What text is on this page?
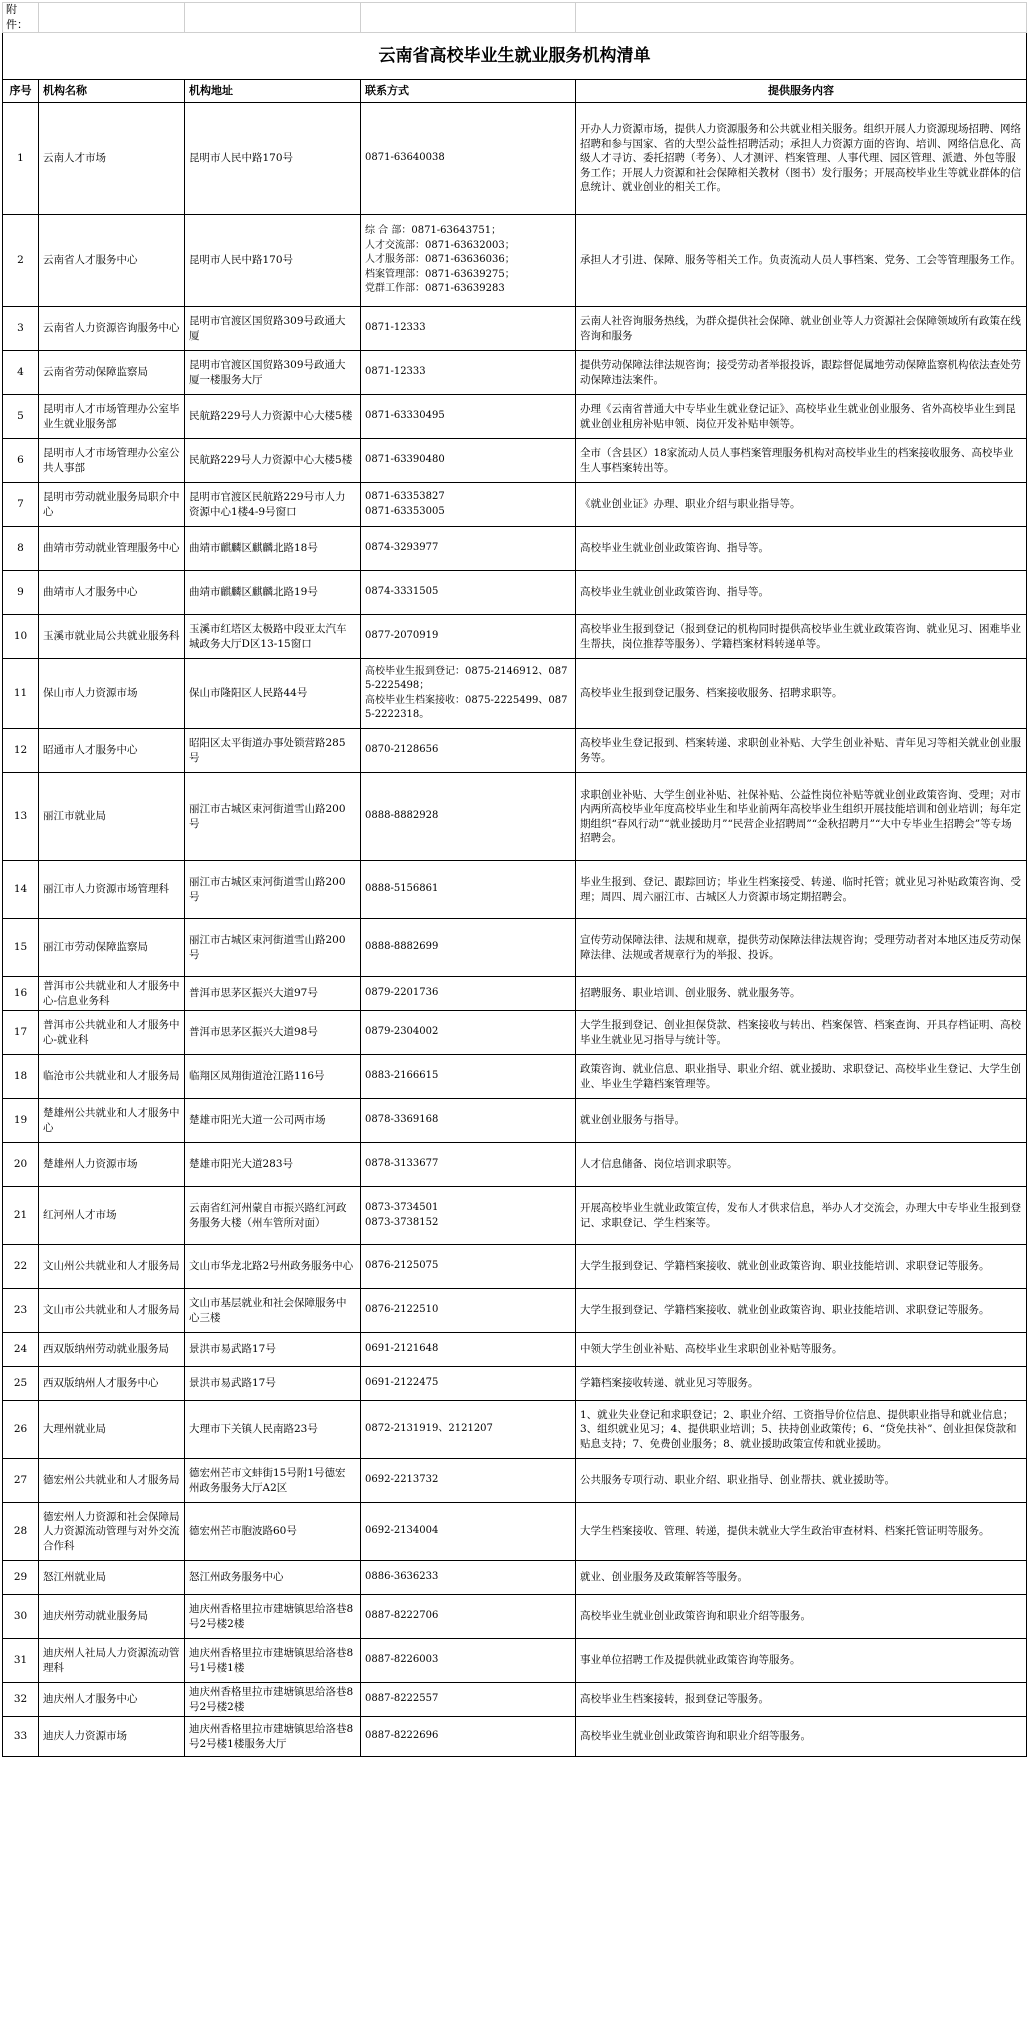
附件：				
云南省高校毕业生就业服务机构清单				
序号	机构名称	机构地址	联系方式	提供服务内容
1	云南人才市场	昆明市人民中路170号	0871-63640038	开办人力资源市场，提供人力资源服务和公共就业相关服务。组织开展人力资源现场招聘、网络招聘和参与国家、省的大型公益性招聘活动；承担人力资源方面的咨询、培训、网络信息化、高级人才寻访、委托招聘（考务）、人才测评、档案管理、人事代理、园区管理、派遣、外包等服务工作；开展人力资源和社会保障相关教材（图书）发行服务；开展高校毕业生等就业群体的信息统计、就业创业的相关工作。
2	云南省人才服务中心	昆明市人民中路170号	综 合 部：0871-63643751；
人才交流部：0871-63632003；
人才服务部：0871-63636036；
档案管理部：0871-63639275；
党群工作部：0871-63639283	承担人才引进、保障、服务等相关工作。负责流动人员人事档案、党务、工会等管理服务工作。
3	云南省人力资源咨询服务中心	昆明市官渡区国贸路309号政通大厦	0871-12333	云南人社咨询服务热线，为群众提供社会保障、就业创业等人力资源社会保障领域所有政策在线咨询和服务
4	云南省劳动保障监察局	昆明市官渡区国贸路309号政通大厦一楼服务大厅	0871-12333	提供劳动保障法律法规咨询；接受劳动者举报投诉，跟踪督促属地劳动保障监察机构依法查处劳动保障违法案件。
5	昆明市人才市场管理办公室毕业生就业服务部	民航路229号人力资源中心大楼5楼	0871-63330495	办理《云南省普通大中专毕业生就业登记证》、高校毕业生就业创业服务、省外高校毕业生到昆就业创业租房补贴申领、岗位开发补贴申领等。
6	昆明市人才市场管理办公室公共人事部	民航路229号人力资源中心大楼5楼	0871-63390480	全市（含县区）18家流动人员人事档案管理服务机构对高校毕业生的档案接收服务、高校毕业生人事档案转出等。
7	昆明市劳动就业服务局职介中心	昆明市官渡区民航路229号市人力资源中心1楼4-9号窗口	0871-63353827
0871-63353005	《就业创业证》办理、职业介绍与职业指导等。
8	曲靖市劳动就业管理服务中心	曲靖市麒麟区麒麟北路18号	0874-3293977	高校毕业生就业创业政策咨询、指导等。
9	曲靖市人才服务中心	曲靖市麒麟区麒麟北路19号	0874-3331505	高校毕业生就业创业政策咨询、指导等。
10	玉溪市就业局公共就业服务科	玉溪市红塔区太极路中段亚太汽车城政务大厅D区13-15窗口	0877-2070919	高校毕业生报到登记（报到登记的机构同时提供高校毕业生就业政策咨询、就业见习、困难毕业生帮扶，岗位推荐等服务）、学籍档案材料转递单等。
11	保山市人力资源市场	保山市隆阳区人民路44号	高校毕业生报到登记：0875-2146912、0875-2225498；
高校毕业生档案接收：0875-2225499、0875-2222318。	高校毕业生报到登记服务、档案接收服务、招聘求职等。
12	昭通市人才服务中心	昭阳区太平街道办事处锁营路285号	0870-2128656	高校毕业生登记报到、档案转递、求职创业补贴、大学生创业补贴、青年见习等相关就业创业服务等。
13	丽江市就业局	丽江市古城区束河街道雪山路200号	0888-8882928	求职创业补贴、大学生创业补贴、社保补贴、公益性岗位补贴等就业创业政策咨询、受理；对市内两所高校毕业年度高校毕业生和毕业前两年高校毕业生组织开展技能培训和创业培训；每年定期组织“春风行动”“就业援助月”“民营企业招聘周”“金秋招聘月”“大中专毕业生招聘会”等专场招聘会。
14	丽江市人力资源市场管理科	丽江市古城区束河街道雪山路200号	0888-5156861	毕业生报到、登记、跟踪回访；毕业生档案接受、转递、临时托管；就业见习补贴政策咨询、受理；周四、周六丽江市、古城区人力资源市场定期招聘会。
15	丽江市劳动保障监察局	丽江市古城区束河街道雪山路200号	0888-8882699	宣传劳动保障法律、法规和规章，提供劳动保障法律法规咨询；受理劳动者对本地区违反劳动保障法律、法规或者规章行为的举报、投诉。
16	普洱市公共就业和人才服务中心-信息业务科	普洱市思茅区振兴大道97号	0879-2201736	招聘服务、职业培训、创业服务、就业服务等。
17	普洱市公共就业和人才服务中心-就业科	普洱市思茅区振兴大道98号	0879-2304002	大学生报到登记、创业担保贷款、档案接收与转出、档案保管、档案查询、开具存档证明、高校毕业生就业见习指导与统计等。
18	临沧市公共就业和人才服务局	临翔区凤翔街道沧江路116号	0883-2166615	政策咨询、就业信息、职业指导、职业介绍、就业援助、求职登记、高校毕业生登记、大学生创业、毕业生学籍档案管理等。
19	楚雄州公共就业和人才服务中心	楚雄市阳光大道一公司两市场	0878-3369168	就业创业服务与指导。
20	楚雄州人力资源市场	楚雄市阳光大道283号	0878-3133677	人才信息储备、岗位培训求职等。
21	红河州人才市场	云南省红河州蒙自市振兴路红河政务服务大楼（州车管所对面）	0873-3734501
0873-3738152	开展高校毕业生就业政策宣传，发布人才供求信息，举办人才交流会，办理大中专毕业生报到登记、求职登记、学生档案等。
22	文山州公共就业和人才服务局	文山市华龙北路2号州政务服务中心	0876-2125075	大学生报到登记、学籍档案接收、就业创业政策咨询、职业技能培训、求职登记等服务。
23	文山市公共就业和人才服务局	文山市基层就业和社会保障服务中心三楼	0876-2122510	大学生报到登记、学籍档案接收、就业创业政策咨询、职业技能培训、求职登记等服务。
24	西双版纳州劳动就业服务局	景洪市易武路17号	0691-2121648	中领大学生创业补贴、高校毕业生求职创业补贴等服务。
25	西双版纳州人才服务中心	景洪市易武路17号	0691-2122475	学籍档案接收转递、就业见习等服务。
26	大理州就业局	大理市下关镇人民南路23号	0872-2131919、2121207	1、就业失业登记和求职登记；2、职业介绍、工资指导价位信息、提供职业指导和就业信息；3、组织就业见习；4、提供职业培训；5、扶持创业政策传；6、“贷免扶补”、创业担保贷款和贴息支持；7、免费创业服务；8、就业援助政策宣传和就业援助。
27	德宏州公共就业和人才服务局	德宏州芒市文蚌街15号附1号德宏州政务服务大厅A2区	0692-2213732	公共服务专项行动、职业介绍、职业指导、创业帮扶、就业援助等。
28	德宏州人力资源和社会保障局人力资源流动管理与对外交流合作科	德宏州芒市胞波路60号	0692-2134004	大学生档案接收、管理、转递，提供未就业大学生政治审查材料、档案托管证明等服务。
29	怒江州就业局	怒江州政务服务中心	0886-3636233	就业、创业服务及政策解答等服务。
30	迪庆州劳动就业服务局	迪庆州香格里拉市建塘镇思给洛巷8号2号楼2楼	0887-8222706	高校毕业生就业创业政策咨询和职业介绍等服务。
31	迪庆州人社局人力资源流动管理科	迪庆州香格里拉市建塘镇思给洛巷8号1号楼1楼	0887-8226003	事业单位招聘工作及提供就业政策咨询等服务。
32	迪庆州人才服务中心	迪庆州香格里拉市建塘镇思给洛巷8号2号楼2楼	0887-8222557	高校毕业生档案接转，报到登记等服务。
33	迪庆人力资源市场	迪庆州香格里拉市建塘镇思给洛巷8号2号楼1楼服务大厅	0887-8222696	高校毕业生就业创业政策咨询和职业介绍等服务。
